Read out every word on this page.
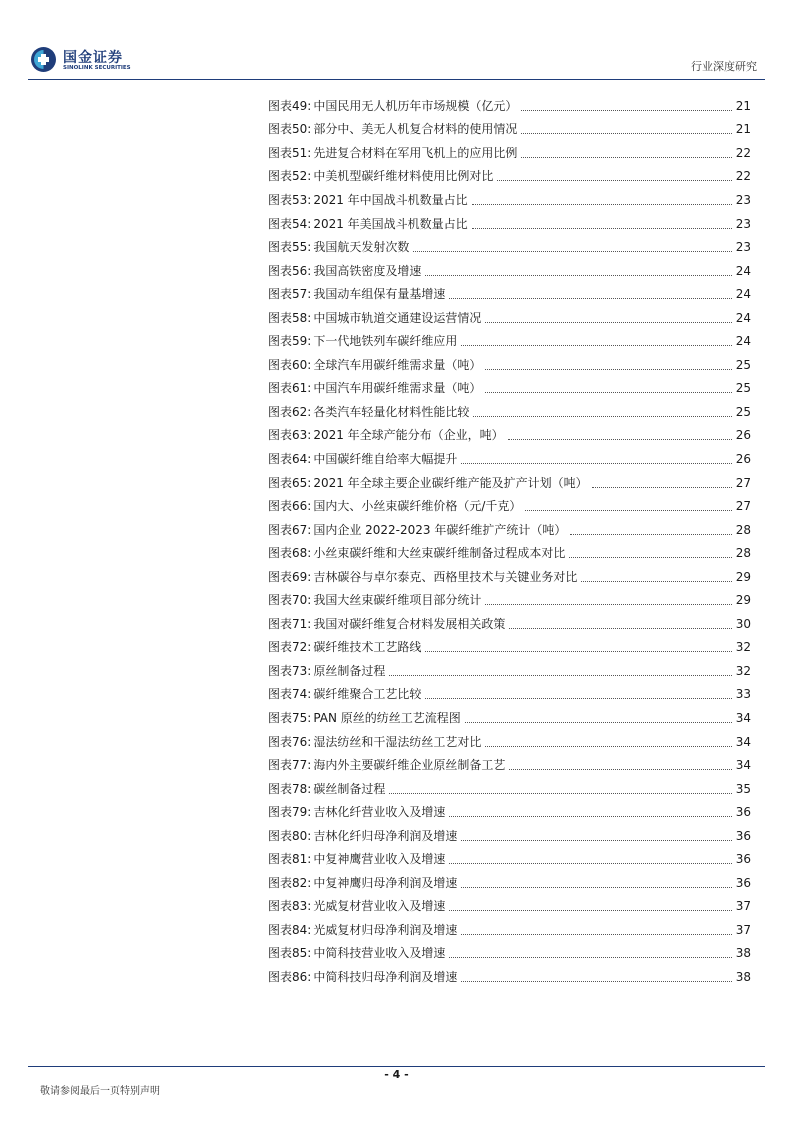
国金证券
SINOLINK SECURITIES	行业深度研究
图表49: 中国民用无人机历年市场规模（亿元）	21
图表50: 部分中、美无人机复合材料的使用情况	21
图表51: 先进复合材料在军用飞机上的应用比例	22
图表52: 中美机型碳纤维材料使用比例对比	22
图表53: 2021 年中国战斗机数量占比	23
图表54: 2021 年美国战斗机数量占比	23
图表55: 我国航天发射次数	23
图表56: 我国高铁密度及增速	24
图表57: 我国动车组保有量基增速	24
图表58: 中国城市轨道交通建设运营情况	24
图表59: 下一代地铁列车碳纤维应用	24
图表60: 全球汽车用碳纤维需求量（吨）	25
图表61: 中国汽车用碳纤维需求量（吨）	25
图表62: 各类汽车轻量化材料性能比较	25
图表63: 2021 年全球产能分布（企业，吨）	26
图表64: 中国碳纤维自给率大幅提升	26
图表65: 2021 年全球主要企业碳纤维产能及扩产计划（吨）	27
图表66: 国内大、小丝束碳纤维价格（元/千克）	27
图表67: 国内企业 2022-2023 年碳纤维扩产统计（吨）	28
图表68: 小丝束碳纤维和大丝束碳纤维制备过程成本对比	28
图表69: 吉林碳谷与卓尔泰克、西格里技术与关键业务对比	29
图表70: 我国大丝束碳纤维项目部分统计	29
图表71: 我国对碳纤维复合材料发展相关政策	30
图表72: 碳纤维技术工艺路线	32
图表73: 原丝制备过程	32
图表74: 碳纤维聚合工艺比较	33
图表75: PAN 原丝的纺丝工艺流程图	34
图表76: 湿法纺丝和干湿法纺丝工艺对比	34
图表77: 海内外主要碳纤维企业原丝制备工艺	34
图表78: 碳丝制备过程	35
图表79: 吉林化纤营业收入及增速	36
图表80: 吉林化纤归母净利润及增速	36
图表81: 中复神鹰营业收入及增速	36
图表82: 中复神鹰归母净利润及增速	36
图表83: 光威复材营业收入及增速	37
图表84: 光威复材归母净利润及增速	37
图表85: 中简科技营业收入及增速	38
图表86: 中简科技归母净利润及增速	38
- 4 -
敬请参阅最后一页特别声明
